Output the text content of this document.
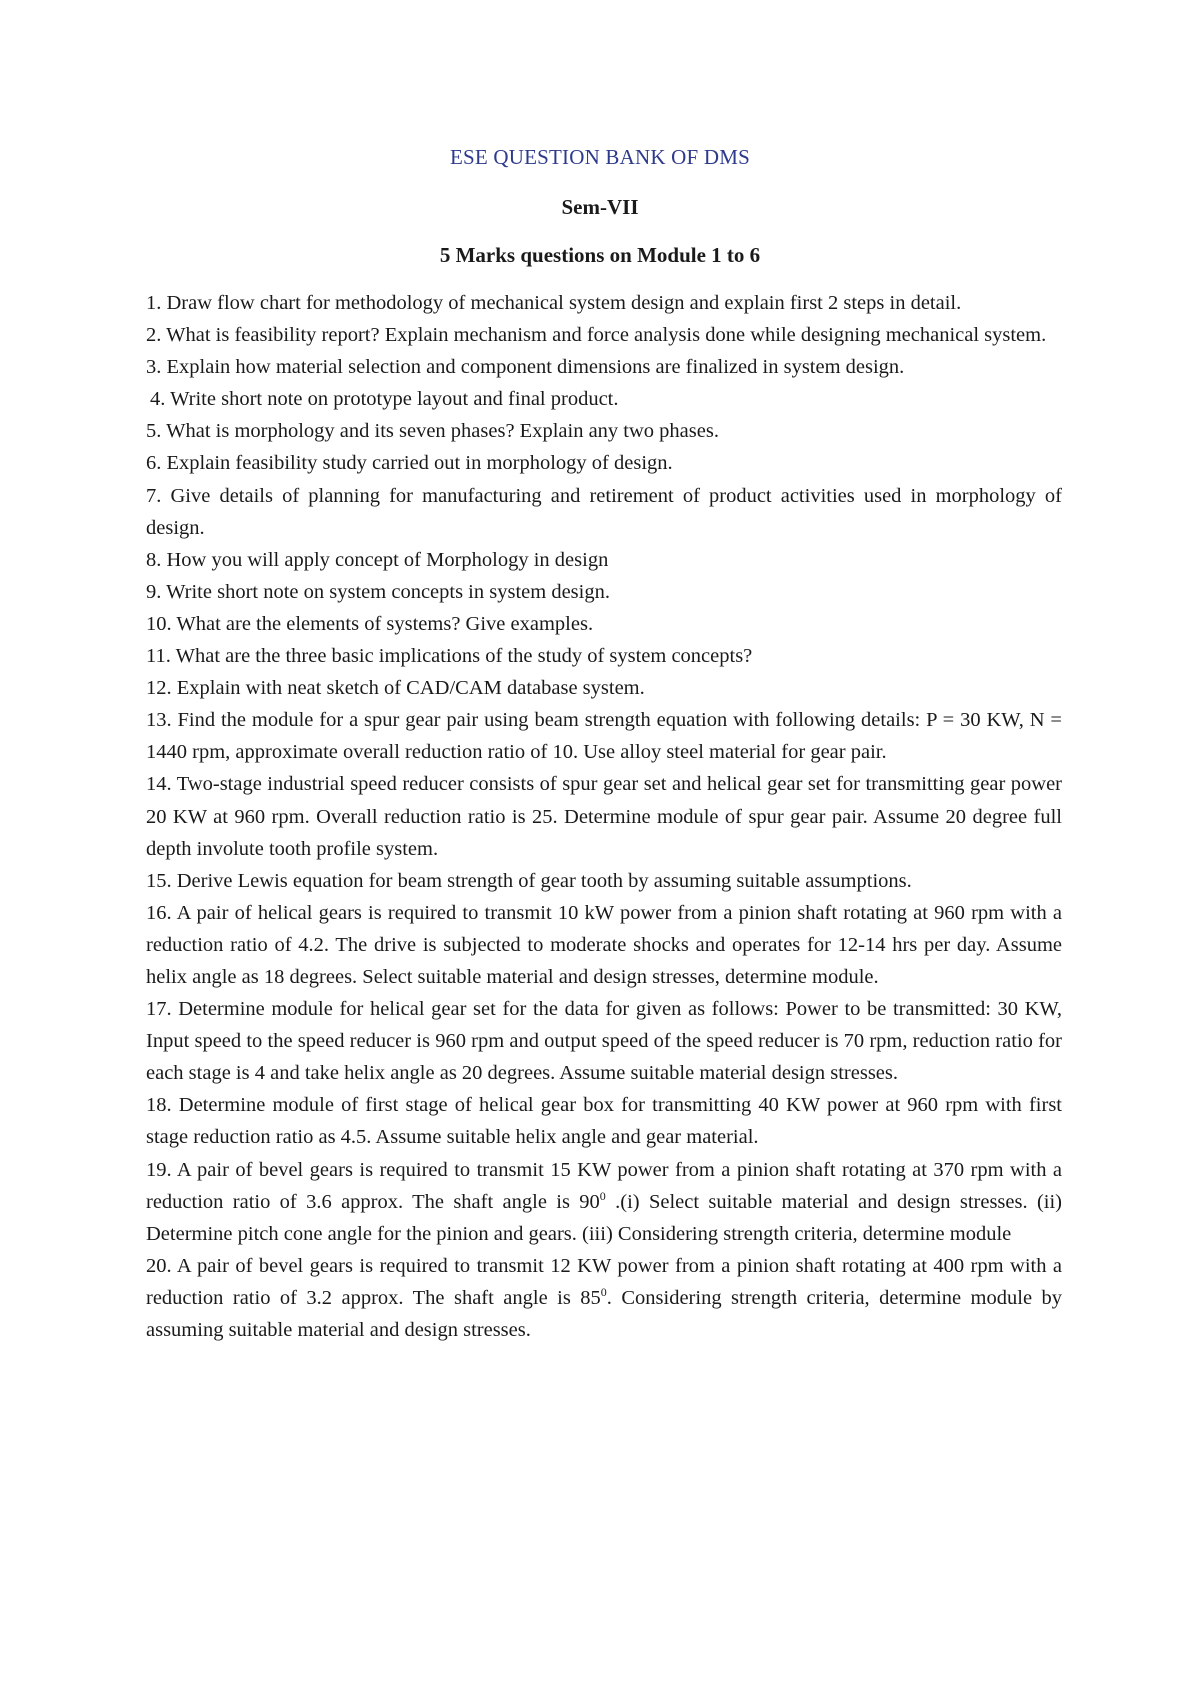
ESE QUESTION BANK OF DMS
Sem-VII
5 Marks questions on Module 1 to 6
1. Draw flow chart for methodology of mechanical system design and explain first 2 steps in detail.
2. What is feasibility report? Explain mechanism and force analysis done while designing mechanical system.
3. Explain how material selection and component dimensions are finalized in system design.
4. Write short note on prototype layout and final product.
5. What is morphology and its seven phases? Explain any two phases.
6. Explain feasibility study carried out in morphology of design.
7. Give details of planning for manufacturing and retirement of product activities used in morphology of design.
8. How you will apply concept of Morphology in design
9. Write short note on system concepts in system design.
10. What are the elements of systems? Give examples.
11. What are the three basic implications of the study of system concepts?
12. Explain with neat sketch of CAD/CAM database system.
13. Find the module for a spur gear pair using beam strength equation with following details: P = 30 KW, N = 1440 rpm, approximate overall reduction ratio of 10. Use alloy steel material for gear pair.
14. Two-stage industrial speed reducer consists of spur gear set and helical gear set for transmitting gear power 20 KW at 960 rpm. Overall reduction ratio is 25. Determine module of spur gear pair. Assume 20 degree full depth involute tooth profile system.
15. Derive Lewis equation for beam strength of gear tooth by assuming suitable assumptions.
16. A pair of helical gears is required to transmit 10 kW power from a pinion shaft rotating at 960 rpm with a reduction ratio of 4.2. The drive is subjected to moderate shocks and operates for 12-14 hrs per day. Assume helix angle as 18 degrees. Select suitable material and design stresses, determine module.
17. Determine module for helical gear set for the data for given as follows: Power to be transmitted: 30 KW, Input speed to the speed reducer is 960 rpm and output speed of the speed reducer is 70 rpm, reduction ratio for each stage is 4 and take helix angle as 20 degrees. Assume suitable material design stresses.
18. Determine module of first stage of helical gear box for transmitting 40 KW power at 960 rpm with first stage reduction ratio as 4.5. Assume suitable helix angle and gear material.
19. A pair of bevel gears is required to transmit 15 KW power from a pinion shaft rotating at 370 rpm with a reduction ratio of 3.6 approx. The shaft angle is $90^0$ .(i) Select suitable material and design stresses. (ii) Determine pitch cone angle for the pinion and gears. (iii) Considering strength criteria, determine module
20. A pair of bevel gears is required to transmit 12 KW power from a pinion shaft rotating at 400 rpm with a reduction ratio of 3.2 approx. The shaft angle is $85^0$. Considering strength criteria, determine module by assuming suitable material and design stresses.
